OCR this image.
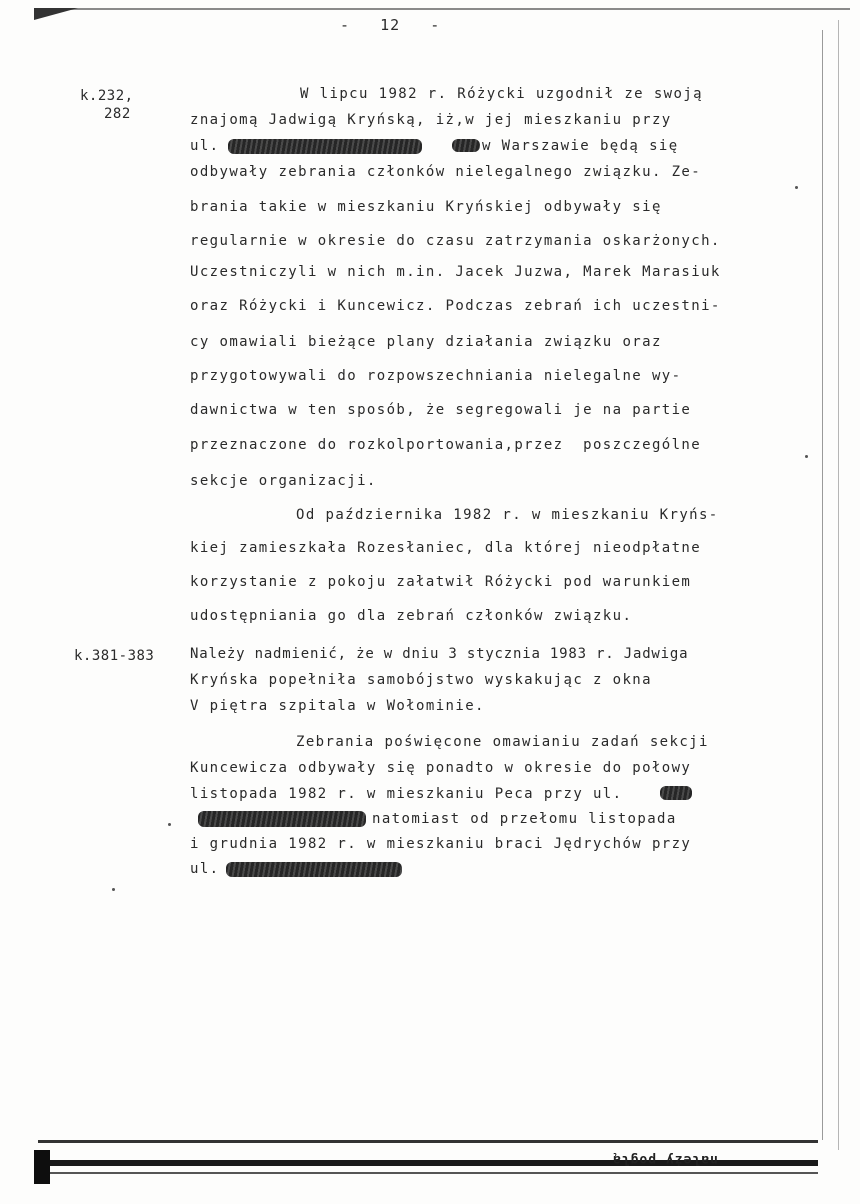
-   12   -
k.232,
282
k.381-383
W lipcu 1982 r. Różycki uzgodnił ze swoją
znajomą Jadwigą Kryńską, iż,w jej mieszkaniu przy
ul.	w Warszawie będą się
odbywały zebrania członków nielegalnego związku. Ze-
brania takie w mieszkaniu Kryńskiej odbywały się
regularnie w okresie do czasu zatrzymania oskarżonych.
Uczestniczyli w nich m.in. Jacek Juzwa, Marek Marasiuk
oraz Różycki i Kuncewicz. Podczas zebrań ich uczestni-
cy omawiali bieżące plany działania związku oraz
przygotowywali do rozpowszechniania nielegalne wy-
dawnictwa w ten sposób, że segregowali je na partie
przeznaczone do rozkolportowania,przez  poszczególne
sekcje organizacji.
Od października 1982 r. w mieszkaniu Kryńs-
kiej zamieszkała Rozesłaniec, dla której nieodpłatne
korzystanie z pokoju załatwił Różycki pod warunkiem
udostępniania go dla zebrań członków związku.
Należy nadmienić, że w dniu 3 stycznia 1983 r. Jadwiga
Kryńska popełniła samobójstwo wyskakując z okna
V piętra szpitala w Wołominie.
Zebrania poświęcone omawianiu zadań sekcji
Kuncewicza odbywały się ponadto w okresie do połowy
listopada 1982 r. w mieszkaniu Peca przy ul.
natomiast od przełomu listopada
i grudnia 1982 r. w mieszkaniu braci Jędrychów przy
ul.
należy poglą
